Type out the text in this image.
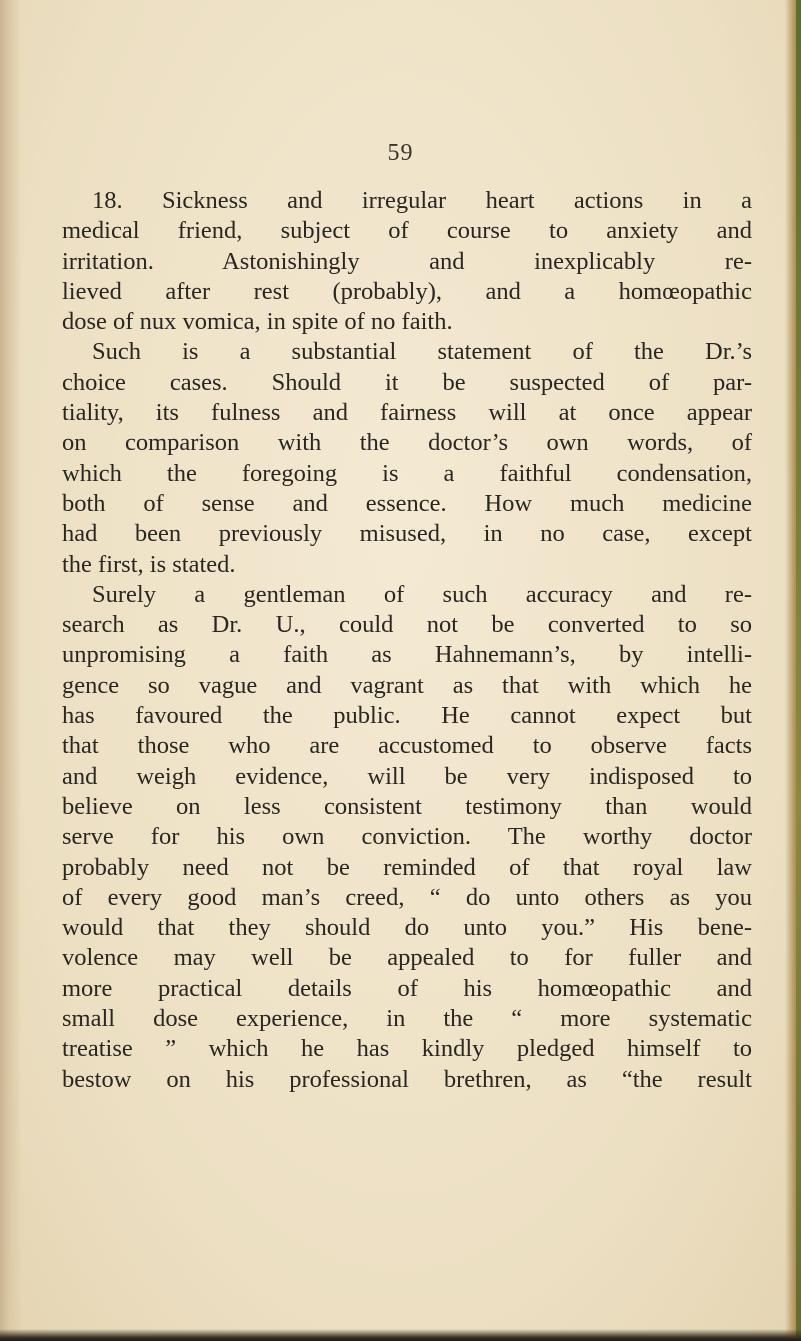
59
18. Sickness and irregular heart actions in a
medical friend, subject of course to anxiety and
irritation. Astonishingly and inexplicably re-
lieved after rest (probably), and a homœopathic
dose of nux vomica, in spite of no faith.
Such is a substantial statement of the Dr.’s
choice cases. Should it be suspected of par-
tiality, its fulness and fairness will at once appear
on comparison with the doctor’s own words, of
which the foregoing is a faithful condensation,
both of sense and essence. How much medicine
had been previously misused, in no case, except
the first, is stated.
Surely a gentleman of such accuracy and re-
search as Dr. U., could not be converted to so
unpromising a faith as Hahnemann’s, by intelli-
gence so vague and vagrant as that with which he
has favoured the public. He cannot expect but
that those who are accustomed to observe facts
and weigh evidence, will be very indisposed to
believe on less consistent testimony than would
serve for his own conviction. The worthy doctor
probably need not be reminded of that royal law
of every good man’s creed, “ do unto others as you
would that they should do unto you.” His bene-
volence may well be appealed to for fuller and
more practical details of his homœopathic and
small dose experience, in the “ more systematic
treatise ” which he has kindly pledged himself to
bestow on his professional brethren, as “the result
